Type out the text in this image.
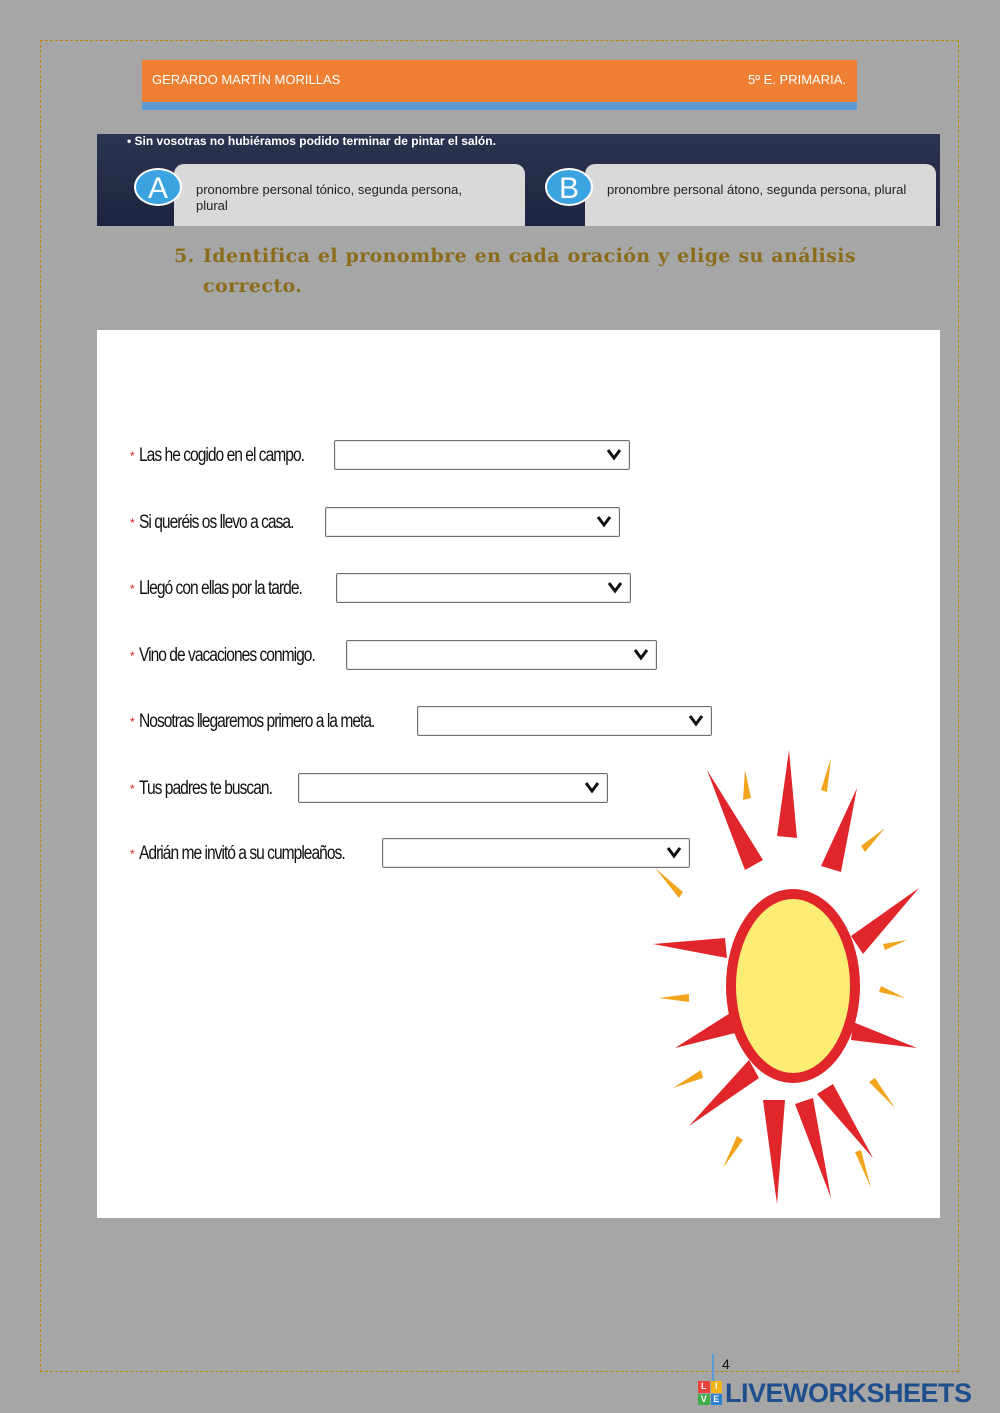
GERARDO MARTÍN MORILLAS	5º E. PRIMARIA.
• Sin vosotras no hubiéramos podido terminar de pintar el salón.
pronombre personal tónico, segunda persona, plural
pronombre personal átono, segunda persona, plural
A	B
5. Identifica el pronombre en cada oración y elige su análisis correcto.
* Las he cogido en el campo.
* Si queréis os llevo a casa.
* Llegó con ellas por la tarde.
* Vino de vacaciones conmigo.
* Nosotras llegaremos primero a la meta.
* Tus padres te buscan.
* Adrián me invitó a su cumpleaños.
4
L I
V E LIVEWORKSHEETS
